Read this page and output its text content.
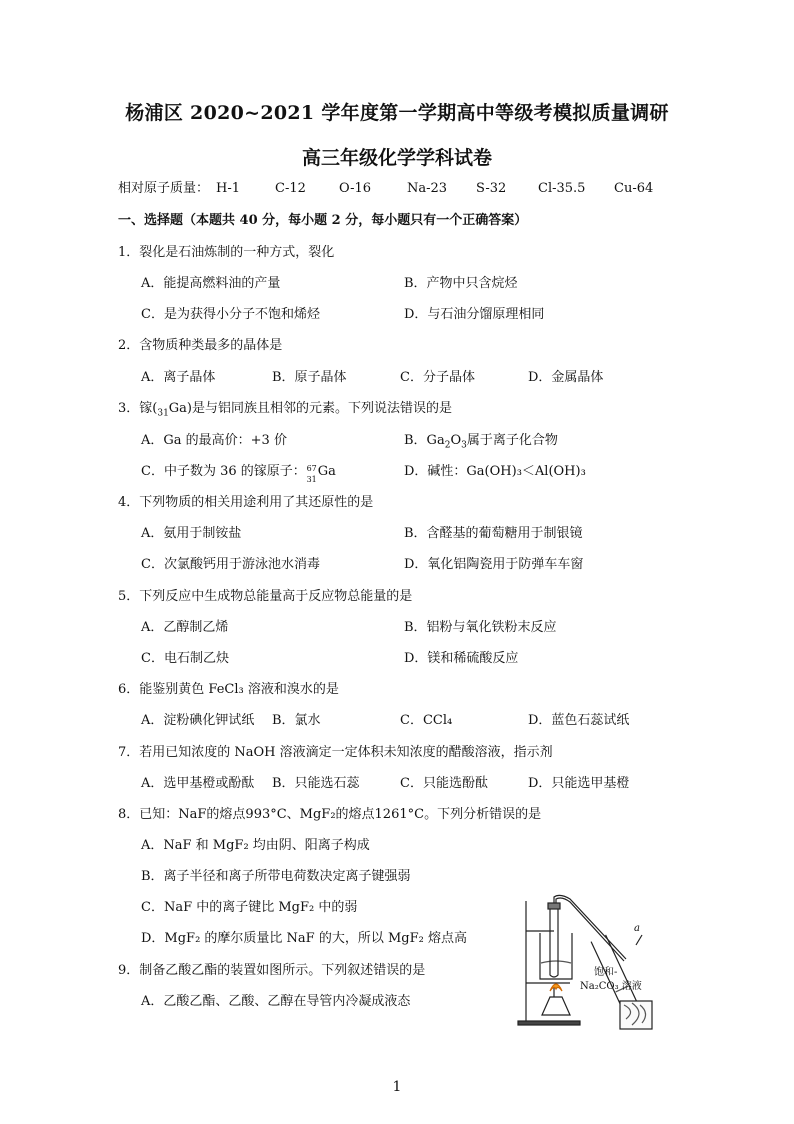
杨浦区 2020~2021 学年度第一学期高中等级考模拟质量调研
高三年级化学学科试卷
相对原子质量： H-1	C-12	O-16	Na-23 S-32 Cl-35.5 Cu-64
一、选择题（本题共 40 分，每小题 2 分，每小题只有一个正确答案）
1．裂化是石油炼制的一种方式，裂化
A．能提高燃料油的产量	B．产物中只含烷烃
C．是为获得小分子不饱和烯烃	D．与石油分馏原理相同
2．含物质种类最多的晶体是
A．离子晶体	B．原子晶体	C．分子晶体	D．金属晶体
3．镓$(_{31}Ga)$是与铝同族且相邻的元素。下列说法错误的是
A．Ga 的最高价：+3 价	B．$Ga_2O_3$属于离子化合物
C．中子数为 36 的镓原子： 67
31 Ga	D．碱性：Ga(OH)₃＜Al(OH)₃
4．下列物质的相关用途利用了其还原性的是
A．氨用于制铵盐	B．含醛基的葡萄糖用于制银镜
C．次氯酸钙用于游泳池水消毒	D．氧化铝陶瓷用于防弹车车窗
5．下列反应中生成物总能量高于反应物总能量的是
A．乙醇制乙烯	B．铝粉与氧化铁粉末反应
C．电石制乙炔	D．镁和稀硫酸反应
6．能鉴别黄色 FeCl₃ 溶液和溴水的是
A．淀粉碘化钾试纸 B．氯水	C．CCl₄	D．蓝色石蕊试纸
7．若用已知浓度的 NaOH 溶液滴定一定体积未知浓度的醋酸溶液，指示剂
A．选甲基橙或酚酞 B．只能选石蕊	C．只能选酚酞	D．只能选甲基橙
8．已知：NaF的熔点993°C、MgF₂的熔点1261°C。下列分析错误的是
A．NaF 和 MgF₂ 均由阴、阳离子构成
B．离子半径和离子所带电荷数决定离子键强弱
C．NaF 中的离子键比 MgF₂ 中的弱
D．MgF₂ 的摩尔质量比 NaF 的大，所以 MgF₂ 熔点高
9．制备乙酸乙酯的装置如图所示。下列叙述错误的是
A．乙酸乙酯、乙酸、乙醇在导管内冷凝成液态
a
饱和-
Na₂CO₃ 溶液
1
